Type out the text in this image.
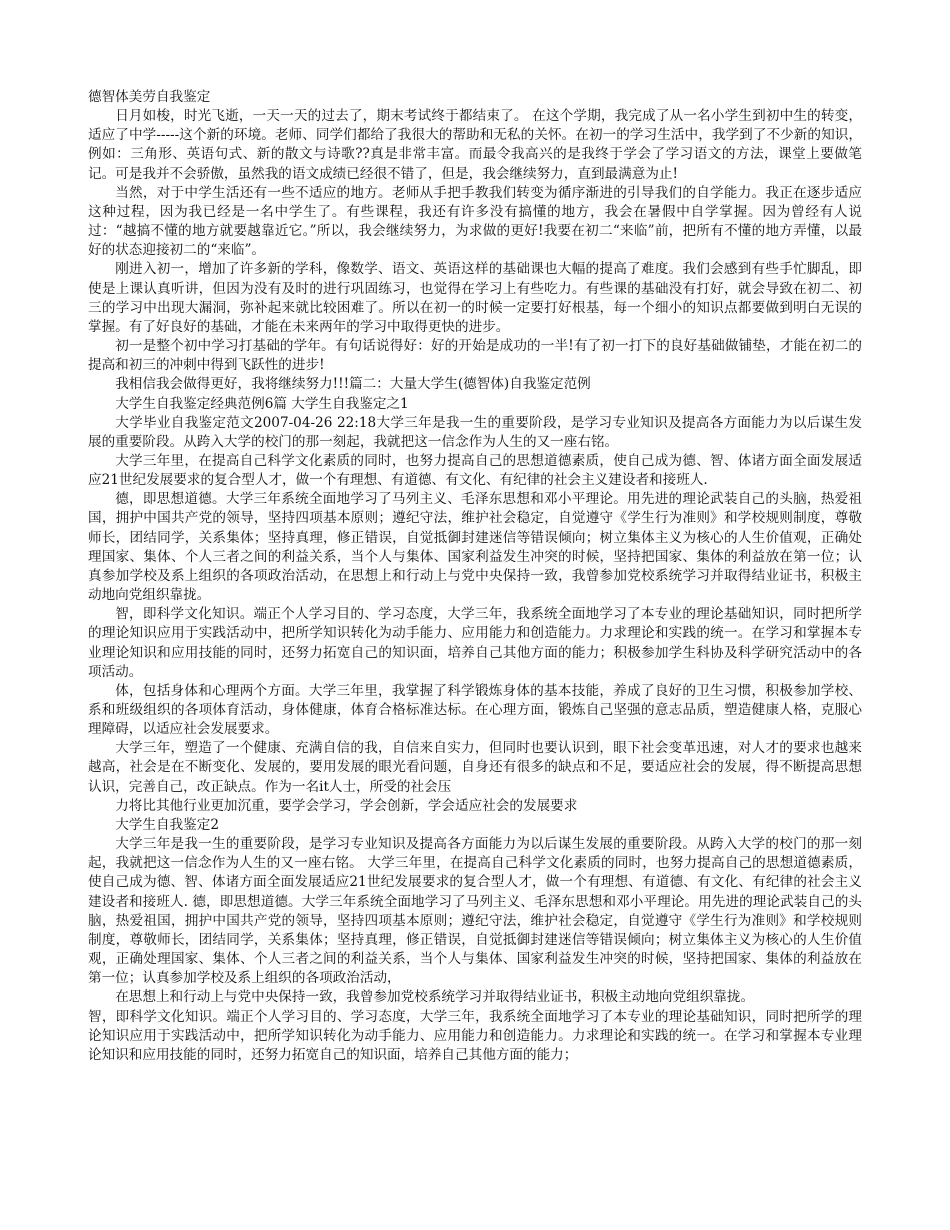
德智体美劳自我鉴定

日月如梭，时光飞逝，一天一天的过去了，期末考试终于都结束了。 在这个学期，我完成了从一名小学生到初中生的转变，适应了中学-----这个新的环境。老师、同学们都给了我很大的帮助和无私的关怀。在初一的学习生活中，我学到了不少新的知识，例如：三角形、英语句式、新的散文与诗歌??真是非常丰富。而最令我高兴的是我终于学会了学习语文的方法，课堂上要做笔记。可是我并不会骄傲，虽然我的语文成绩已经很不错了，但是，我会继续努力，直到最满意为止!

当然，对于中学生活还有一些不适应的地方。老师从手把手教我们转变为循序渐进的引导我们的自学能力。我正在逐步适应这种过程，因为我已经是一名中学生了。有些课程，我还有许多没有搞懂的地方，我会在暑假中自学掌握。因为曾经有人说过：“越搞不懂的地方就要越靠近它。”所以，我会继续努力，为求做的更好!我要在初二“来临”前，把所有不懂的地方弄懂，以最好的状态迎接初二的“来临”。

刚进入初一，增加了许多新的学科，像数学、语文、英语这样的基础课也大幅的提高了难度。我们会感到有些手忙脚乱，即使是上课认真听讲，但因为没有及时的进行巩固练习，也觉得在学习上有些吃力。有些课的基础没有打好，就会导致在初二、初三的学习中出现大漏洞，弥补起来就比较困难了。所以在初一的时候一定要打好根基，每一个细小的知识点都要做到明白无误的掌握。有了好良好的基础，才能在未来两年的学习中取得更快的进步。

初一是整个初中学习打基础的学年。有句话说得好：好的开始是成功的一半!有了初一打下的良好基础做铺垫，才能在初二的提高和初三的冲刺中得到飞跃性的进步!

我相信我会做得更好，我将继续努力!!!篇二：大量大学生(德智体)自我鉴定范例

大学生自我鉴定经典范例6篇 大学生自我鉴定之1

大学毕业自我鉴定范文2007-04-26 22:18大学三年是我一生的重要阶段，是学习专业知识及提高各方面能力为以后谋生发展的重要阶段。从跨入大学的校门的那一刻起，我就把这一信念作为人生的又一座右铭。

大学三年里，在提高自己科学文化素质的同时，也努力提高自己的思想道德素质，使自己成为德、智、体诸方面全面发展适应21世纪发展要求的复合型人才，做一个有理想、有道德、有文化、有纪律的社会主义建设者和接班人.

德，即思想道德。大学三年系统全面地学习了马列主义、毛泽东思想和邓小平理论。用先进的理论武装自己的头脑，热爱祖国，拥护中国共产党的领导，坚持四项基本原则；遵纪守法，维护社会稳定，自觉遵守《学生行为准则》和学校规则制度，尊敬师长，团结同学，关系集体；坚持真理，修正错误，自觉抵御封建迷信等错误倾向；树立集体主义为核心的人生价值观，正确处理国家、集体、个人三者之间的利益关系，当个人与集体、国家利益发生冲突的时候，坚持把国家、集体的利益放在第一位；认真参加学校及系上组织的各项政治活动，在思想上和行动上与党中央保持一致，我曾参加党校系统学习并取得结业证书，积极主动地向党组织靠拢。

智，即科学文化知识。端正个人学习目的、学习态度，大学三年，我系统全面地学习了本专业的理论基础知识，同时把所学的理论知识应用于实践活动中，把所学知识转化为动手能力、应用能力和创造能力。力求理论和实践的统一。在学习和掌握本专业理论知识和应用技能的同时，还努力拓宽自己的知识面，培养自己其他方面的能力；积极参加学生科协及科学研究活动中的各项活动。

体，包括身体和心理两个方面。大学三年里，我掌握了科学锻炼身体的基本技能，养成了良好的卫生习惯，积极参加学校、系和班级组织的各项体育活动，身体健康，体育合格标准达标。在心理方面，锻炼自己坚强的意志品质，塑造健康人格，克服心理障碍，以适应社会发展要求。

大学三年，塑造了一个健康、充满自信的我，自信来自实力，但同时也要认识到，眼下社会变革迅速，对人才的要求也越来越高，社会是在不断变化、发展的，要用发展的眼光看问题，自身还有很多的缺点和不足，要适应社会的发展，得不断提高思想认识，完善自己，改正缺点。作为一名it人士，所受的社会压

力将比其他行业更加沉重，要学会学习，学会创新，学会适应社会的发展要求

大学生自我鉴定2

大学三年是我一生的重要阶段，是学习专业知识及提高各方面能力为以后谋生发展的重要阶段。从跨入大学的校门的那一刻起，我就把这一信念作为人生的又一座右铭。 大学三年里，在提高自己科学文化素质的同时，也努力提高自己的思想道德素质，使自己成为德、智、体诸方面全面发展适应21世纪发展要求的复合型人才，做一个有理想、有道德、有文化、有纪律的社会主义建设者和接班人. 德，即思想道德。大学三年系统全面地学习了马列主义、毛泽东思想和邓小平理论。用先进的理论武装自己的头脑，热爱祖国，拥护中国共产党的领导，坚持四项基本原则；遵纪守法，维护社会稳定，自觉遵守《学生行为准则》和学校规则制度，尊敬师长，团结同学，关系集体；坚持真理，修正错误，自觉抵御封建迷信等错误倾向；树立集体主义为核心的人生价值观，正确处理国家、集体、个人三者之间的利益关系，当个人与集体、国家利益发生冲突的时候，坚持把国家、集体的利益放在第一位；认真参加学校及系上组织的各项政治活动，

在思想上和行动上与党中央保持一致，我曾参加党校系统学习并取得结业证书，积极主动地向党组织靠拢。

智，即科学文化知识。端正个人学习目的、学习态度，大学三年，我系统全面地学习了本专业的理论基础知识，同时把所学的理论知识应用于实践活动中，把所学知识转化为动手能力、应用能力和创造能力。力求理论和实践的统一。在学习和掌握本专业理论知识和应用技能的同时，还努力拓宽自己的知识面，培养自己其他方面的能力；
